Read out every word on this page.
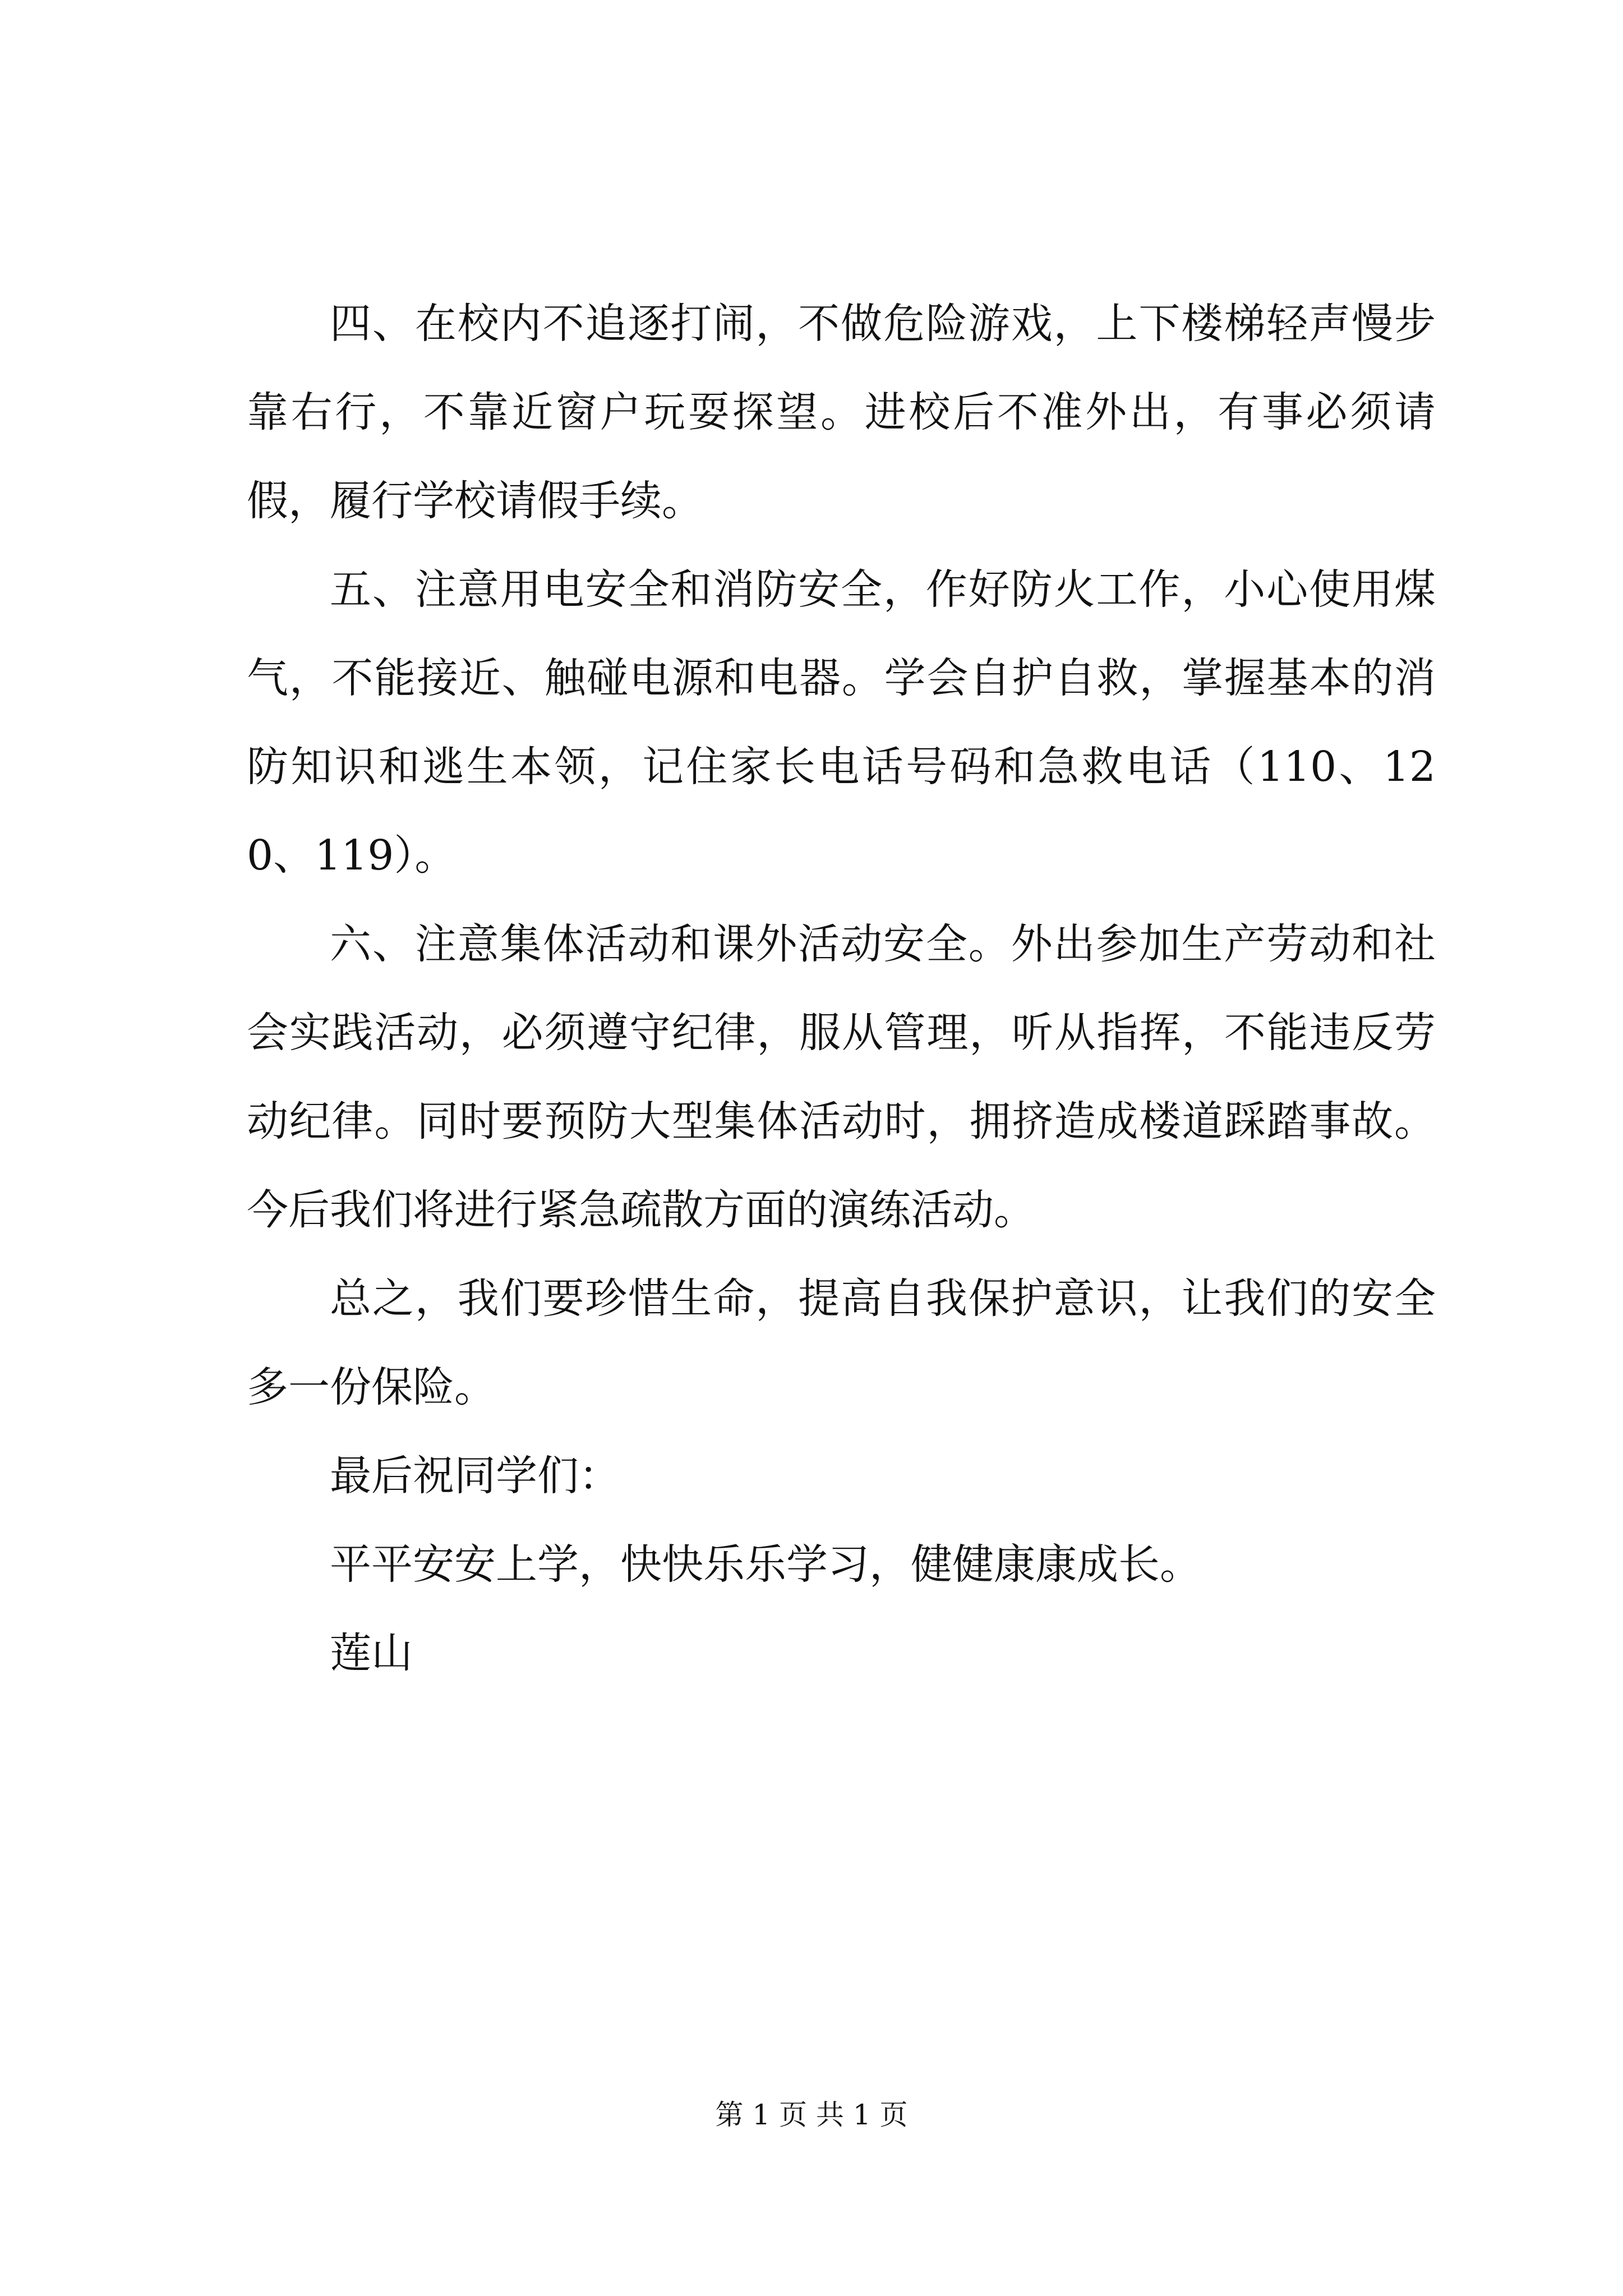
四、在校内不追逐打闹，不做危险游戏，上下楼梯轻声慢步靠右行，不靠近窗户玩耍探望。进校后不准外出，有事必须请假，履行学校请假手续。

五、注意用电安全和消防安全，作好防火工作，小心使用煤气，不能接近、触碰电源和电器。学会自护自救，掌握基本的消防知识和逃生本领，记住家长电话号码和急救电话（110、120、119）。

六、注意集体活动和课外活动安全。外出参加生产劳动和社会实践活动，必须遵守纪律，服从管理，听从指挥，不能违反劳动纪律。同时要预防大型集体活动时，拥挤造成楼道踩踏事故。今后我们将进行紧急疏散方面的演练活动。

总之，我们要珍惜生命，提高自我保护意识，让我们的安全多一份保险。

最后祝同学们：

平平安安上学，快快乐乐学习，健健康康成长。

莲山

第 1 页 共 1 页
